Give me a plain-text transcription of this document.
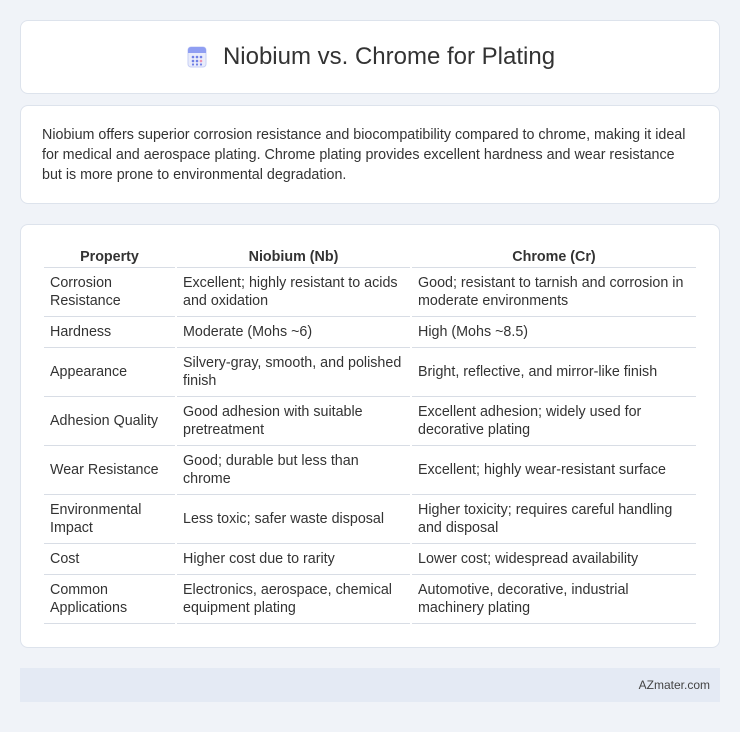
Niobium vs. Chrome for Plating

Niobium offers superior corrosion resistance and biocompatibility compared to chrome, making it ideal for medical and aerospace plating. Chrome plating provides excellent hardness and wear resistance but is more prone to environmental degradation.

Property	Niobium (Nb)	Chrome (Cr)
Corrosion Resistance	Excellent; highly resistant to acids and oxidation	Good; resistant to tarnish and corrosion in moderate environments
Hardness	Moderate (Mohs ~6)	High (Mohs ~8.5)
Appearance	Silvery-gray, smooth, and polished finish	Bright, reflective, and mirror-like finish
Adhesion Quality	Good adhesion with suitable pretreatment	Excellent adhesion; widely used for decorative plating
Wear Resistance	Good; durable but less than chrome	Excellent; highly wear-resistant surface
Environmental Impact	Less toxic; safer waste disposal	Higher toxicity; requires careful handling and disposal
Cost	Higher cost due to rarity	Lower cost; widespread availability
Common Applications	Electronics, aerospace, chemical equipment plating	Automotive, decorative, industrial machinery plating
AZmater.com
